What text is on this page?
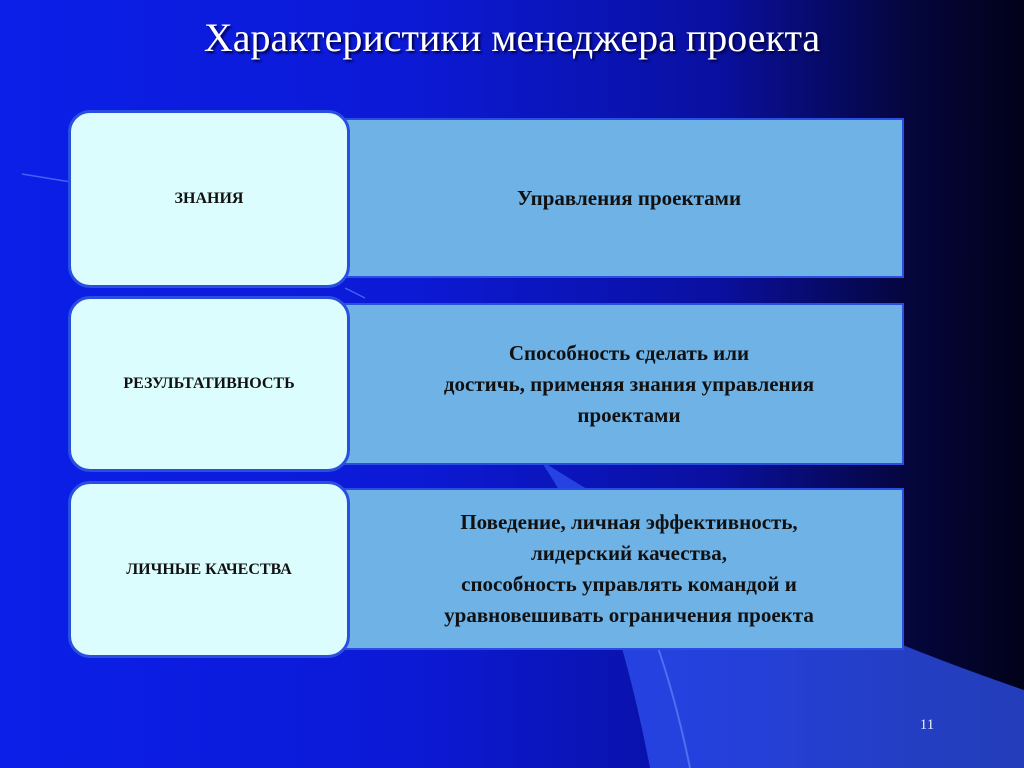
Характеристики менеджера проекта
Управления проектами
ЗНАНИЯ
Способность сделать или
достичь, применяя знания управления
проектами
РЕЗУЛЬТАТИВНОСТЬ
Поведение, личная эффективность,
лидерский качества,
способность управлять командой и
уравновешивать ограничения проекта
ЛИЧНЫЕ КАЧЕСТВА
11
